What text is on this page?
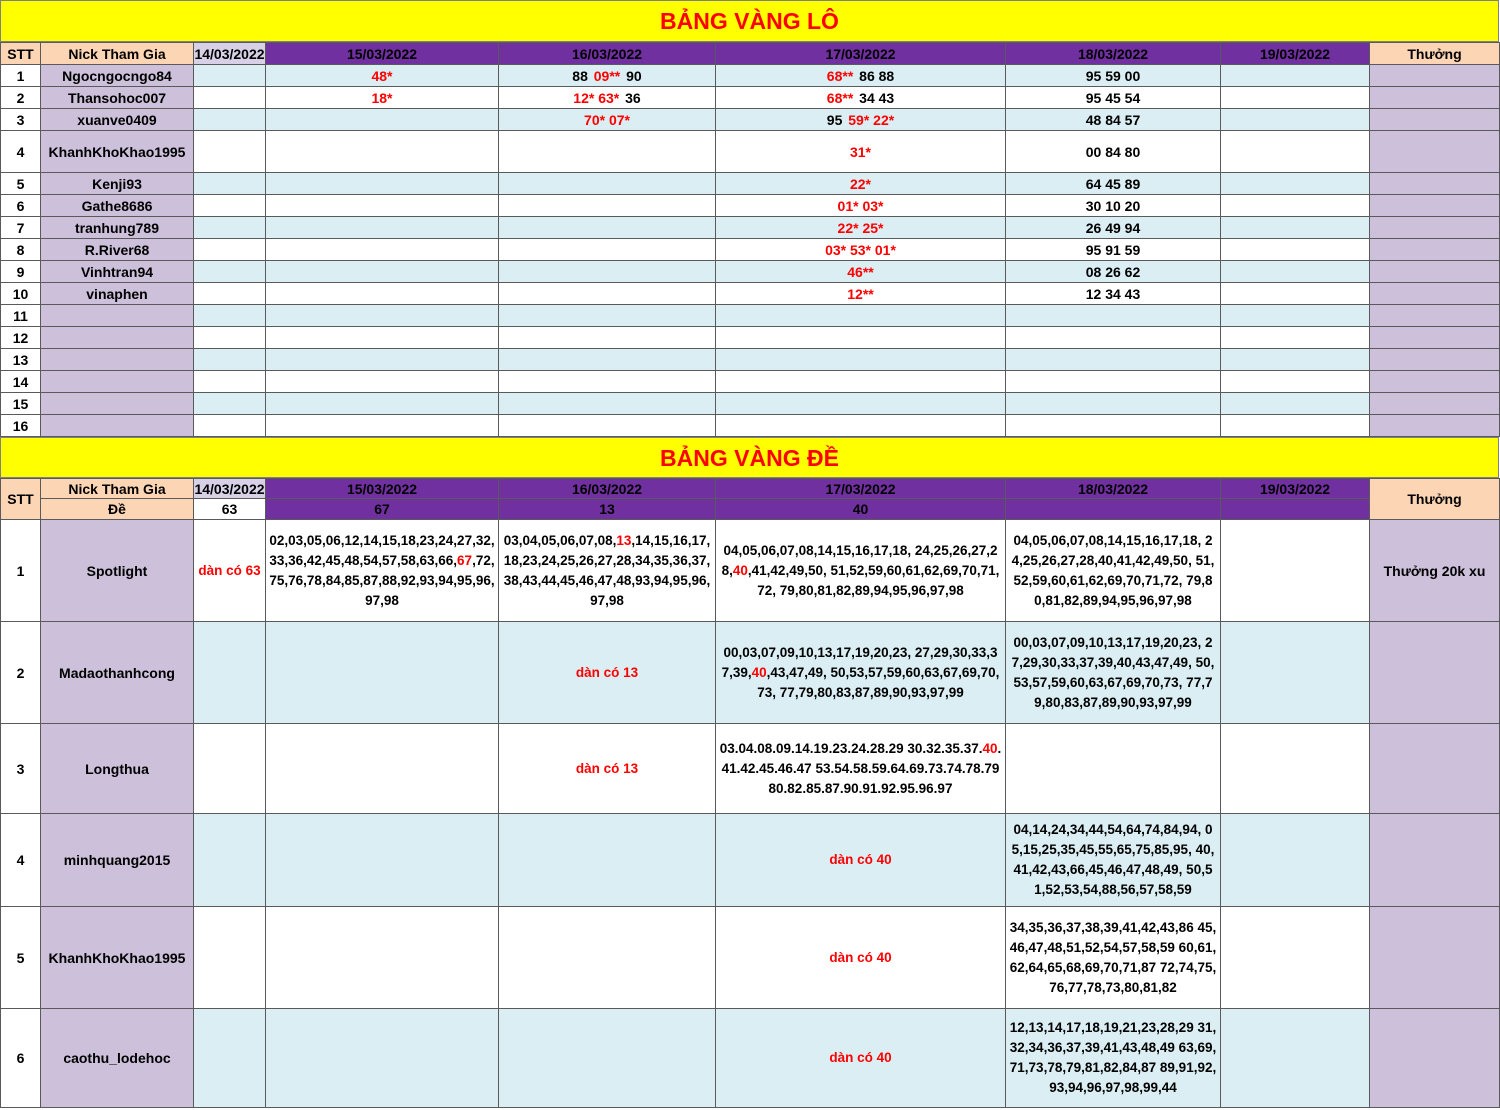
BẢNG VÀNG LÔ
STT	Nick Tham Gia	14/03/2022	15/03/2022	16/03/2022	17/03/2022	18/03/2022	19/03/2022	Thưởng
1	Ngocngocngo84		48*	88 09** 90	68** 86 88	95 59 00		
2	Thansohoc007		18*	12* 63* 36	68** 34 43	95 45 54		
3	xuanve0409			70* 07*	95 59* 22*	48 84 57		
4	KhanhKhoKhao1995				31*	00 84 80		
5	Kenji93				22*	64 45 89		
6	Gathe8686				01* 03*	30 10 20		
7	tranhung789				22* 25*	26 49 94		
8	R.River68				03* 53* 01*	95 91 59		
9	Vinhtran94				46**	08 26 62		
10	vinaphen				12**	12 34 43		
11								
12								
13								
14								
15								
16								
BẢNG VÀNG ĐỀ
STT	Nick Tham Gia	14/03/2022	15/03/2022	16/03/2022	17/03/2022	18/03/2022	19/03/2022	Thưởng
	Đề	63	67	13	40			
1	Spotlight	dàn có 63	02,03,05,06,12,14,15,18,23,24,27,32,33,36,42,45,48,54,57,58,63,66,67,72,75,76,78,84,85,87,88,92,93,94,95,96,97,98	03,04,05,06,07,08,13,14,15,16,17,18,23,24,25,26,27,28,34,35,36,37,38,43,44,45,46,47,48,93,94,95,96,97,98	04,05,06,07,08,14,15,16,17,18, 24,25,26,27,28,40,41,42,49,50, 51,52,59,60,61,62,69,70,71,72, 79,80,81,82,89,94,95,96,97,98	04,05,06,07,08,14,15,16,17,18, 24,25,26,27,28,40,41,42,49,50, 51,52,59,60,61,62,69,70,71,72, 79,80,81,82,89,94,95,96,97,98		Thưởng 20k xu
2	Madaothanhcong			dàn có 13	00,03,07,09,10,13,17,19,20,23, 27,29,30,33,37,39,40,43,47,49, 50,53,57,59,60,63,67,69,70,73, 77,79,80,83,87,89,90,93,97,99	00,03,07,09,10,13,17,19,20,23, 27,29,30,33,37,39,40,43,47,49, 50,53,57,59,60,63,67,69,70,73, 77,79,80,83,87,89,90,93,97,99		

3	Longthua			dàn có 13	03.04.08.09.14.19.23.24.28.29 30.32.35.37.40.41.42.45.46.47 53.54.58.59.64.69.73.74.78.79 80.82.85.87.90.91.92.95.96.97			

4	minhquang2015				dàn có 40	04,14,24,34,44,54,64,74,84,94, 05,15,25,35,45,55,65,75,85,95, 40,41,42,43,66,45,46,47,48,49, 50,51,52,53,54,88,56,57,58,59		

5	KhanhKhoKhao1995				dàn có 40	34,35,36,37,38,39,41,42,43,86 45,46,47,48,51,52,54,57,58,59 60,61,62,64,65,68,69,70,71,87 72,74,75,76,77,78,73,80,81,82		

6	caothu_lodehoc				dàn có 40	12,13,14,17,18,19,21,23,28,29 31,32,34,36,37,39,41,43,48,49 63,69,71,73,78,79,81,82,84,87 89,91,92,93,94,96,97,98,99,44		
